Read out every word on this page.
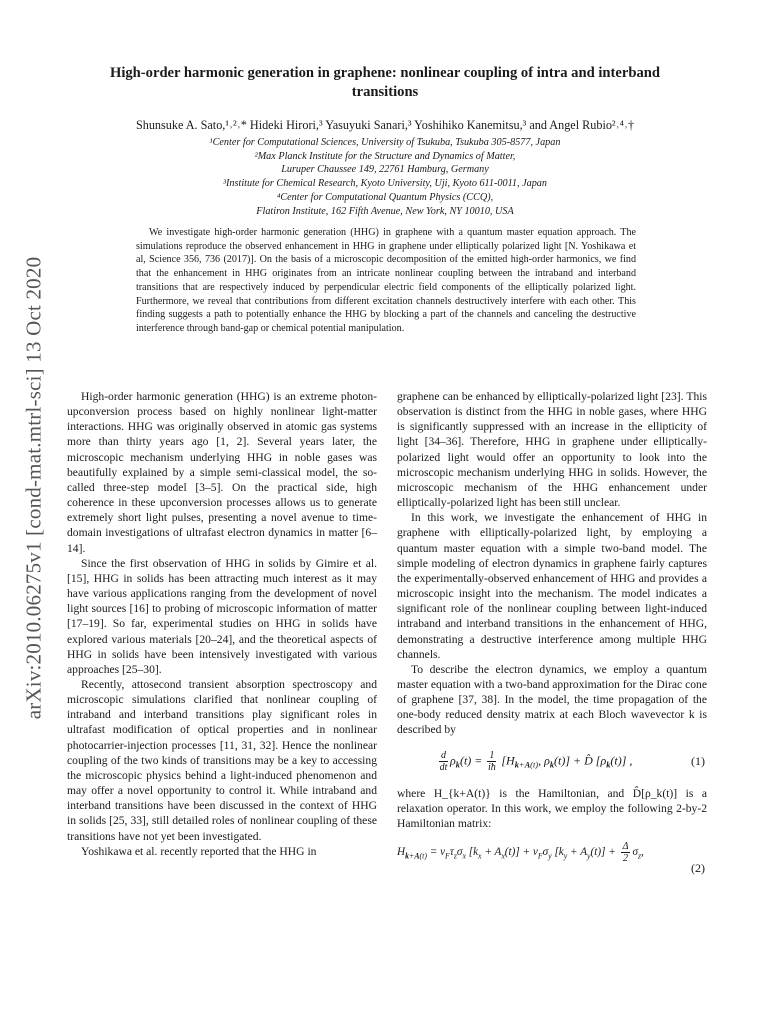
arXiv:2010.06275v1 [cond-mat.mtrl-sci] 13 Oct 2020
High-order harmonic generation in graphene: nonlinear coupling of intra and interband transitions
Shunsuke A. Sato,¹˒²˒* Hideki Hirori,³ Yasuyuki Sanari,³ Yoshihiko Kanemitsu,³ and Angel Rubio²˒⁴˒†
¹Center for Computational Sciences, University of Tsukuba, Tsukuba 305-8577, Japan
²Max Planck Institute for the Structure and Dynamics of Matter,
Luruper Chaussee 149, 22761 Hamburg, Germany
³Institute for Chemical Research, Kyoto University, Uji, Kyoto 611-0011, Japan
⁴Center for Computational Quantum Physics (CCQ),
Flatiron Institute, 162 Fifth Avenue, New York, NY 10010, USA
We investigate high-order harmonic generation (HHG) in graphene with a quantum master equation approach. The simulations reproduce the observed enhancement in HHG in graphene under elliptically polarized light [N. Yoshikawa et al, Science 356, 736 (2017)]. On the basis of a microscopic decomposition of the emitted high-order harmonics, we find that the enhancement in HHG originates from an intricate nonlinear coupling between the intraband and interband transitions that are respectively induced by perpendicular electric field components of the elliptically polarized light. Furthermore, we reveal that contributions from different excitation channels destructively interfere with each other. This finding suggests a path to potentially enhance the HHG by blocking a part of the channels and canceling the destructive interference through band-gap or chemical potential manipulation.

High-order harmonic generation (HHG) is an extreme photon-upconversion process based on highly nonlinear light-matter interactions. HHG was originally observed in atomic gas systems more than thirty years ago [1, 2]. Several years later, the microscopic mechanism underlying HHG in noble gases was beautifully explained by a simple semi-classical model, the so-called three-step model [3–5]. On the practical side, high coherence in these upconversion processes allows us to generate extremely short light pulses, presenting a novel avenue to time-domain investigations of ultrafast electron dynamics in matter [6–14].

Since the first observation of HHG in solids by Gimire et al. [15], HHG in solids has been attracting much interest as it may have various applications ranging from the development of novel light sources [16] to probing of microscopic information of matter [17–19]. So far, experimental studies on HHG in solids have explored various materials [20–24], and the theoretical aspects of HHG in solids have been intensively investigated with various approaches [25–30].

Recently, attosecond transient absorption spectroscopy and microscopic simulations clarified that nonlinear coupling of intraband and interband transitions play significant roles in ultrafast modification of optical properties and in nonlinear photocarrier-injection processes [11, 31, 32]. Hence the nonlinear coupling of the two kinds of transitions may be a key to accessing the microscopic physics behind a light-induced phenomenon and may offer a novel opportunity to control it. While intraband and interband transitions have been discussed in the context of HHG in solids [25, 33], still detailed roles of nonlinear coupling of these transitions have not yet been investigated.

Yoshikawa et al. recently reported that the HHG in

graphene can be enhanced by elliptically-polarized light [23]. This observation is distinct from the HHG in noble gases, where HHG is significantly suppressed with an increase in the ellipticity of light [34–36]. Therefore, HHG in graphene under elliptically-polarized light would offer an opportunity to look into the microscopic mechanism underlying HHG in solids. However, the microscopic mechanism of the HHG enhancement under elliptically-polarized light has been still unclear.

In this work, we investigate the enhancement of HHG in graphene with elliptically-polarized light, by employing a quantum master equation with a simple two-band model. The simple modeling of electron dynamics in graphene fairly captures the experimentally-observed enhancement of HHG and provides a microscopic insight into the mechanism. The model indicates a significant role of the nonlinear coupling between light-induced intraband and interband transitions in the enhancement of HHG, demonstrating a destructive interference among multiple HHG channels.

To describe the electron dynamics, we employ a quantum master equation with a two-band approximation for the Dirac cone of graphene [37, 38]. In the model, the time propagation of the one-body reduced density matrix at each Bloch wavevector k is described by

$\frac{d}{dt} \rho_k(t) = \frac{1}{iħ} [H_{k+A(t)}$, $\rho_k(t)$] + D̂ $[\rho_k(t)]$ ,	(1)

where H_{k+A(t)} is the Hamiltonian, and D̂[ρ_k(t)] is a relaxation operator. In this work, we employ the following 2-by-2 Hamiltonian matrix:

$H_{k+A(t)} = v_F\tau_z\sigma_x$ $[k_x + A_x(t)] + v_F\sigma_y$ $[k_y + A_y(t)] + \frac{\Delta}{2} \sigma_z$,
(2)
